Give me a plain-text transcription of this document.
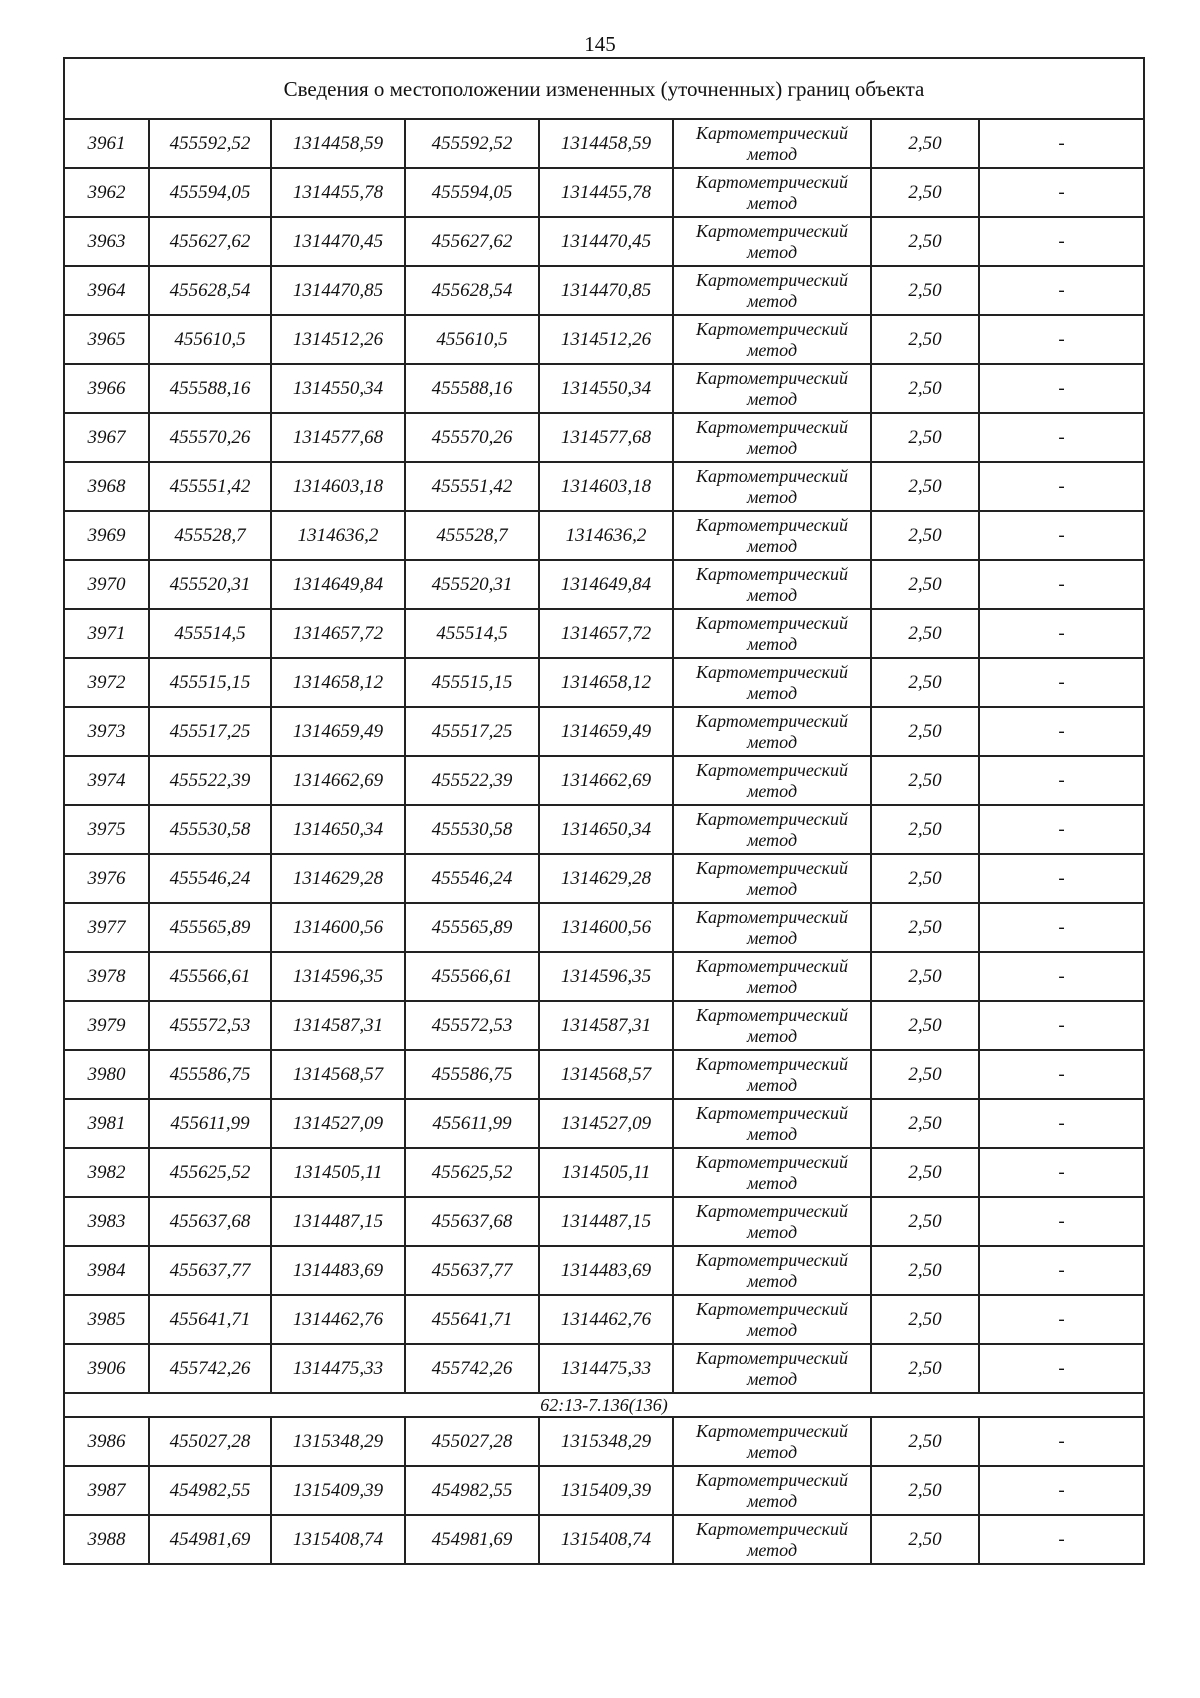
145
Сведения о местоположении измененных (уточненных) границ объекта							
3961	455592,52	1314458,59	455592,52	1314458,59	Картометрический метод	2,50	-
3962	455594,05	1314455,78	455594,05	1314455,78	Картометрический метод	2,50	-
3963	455627,62	1314470,45	455627,62	1314470,45	Картометрический метод	2,50	-
3964	455628,54	1314470,85	455628,54	1314470,85	Картометрический метод	2,50	-
3965	455610,5	1314512,26	455610,5	1314512,26	Картометрический метод	2,50	-
3966	455588,16	1314550,34	455588,16	1314550,34	Картометрический метод	2,50	-
3967	455570,26	1314577,68	455570,26	1314577,68	Картометрический метод	2,50	-
3968	455551,42	1314603,18	455551,42	1314603,18	Картометрический метод	2,50	-
3969	455528,7	1314636,2	455528,7	1314636,2	Картометрический метод	2,50	-
3970	455520,31	1314649,84	455520,31	1314649,84	Картометрический метод	2,50	-
3971	455514,5	1314657,72	455514,5	1314657,72	Картометрический метод	2,50	-
3972	455515,15	1314658,12	455515,15	1314658,12	Картометрический метод	2,50	-
3973	455517,25	1314659,49	455517,25	1314659,49	Картометрический метод	2,50	-
3974	455522,39	1314662,69	455522,39	1314662,69	Картометрический метод	2,50	-
3975	455530,58	1314650,34	455530,58	1314650,34	Картометрический метод	2,50	-
3976	455546,24	1314629,28	455546,24	1314629,28	Картометрический метод	2,50	-
3977	455565,89	1314600,56	455565,89	1314600,56	Картометрический метод	2,50	-
3978	455566,61	1314596,35	455566,61	1314596,35	Картометрический метод	2,50	-
3979	455572,53	1314587,31	455572,53	1314587,31	Картометрический метод	2,50	-
3980	455586,75	1314568,57	455586,75	1314568,57	Картометрический метод	2,50	-
3981	455611,99	1314527,09	455611,99	1314527,09	Картометрический метод	2,50	-
3982	455625,52	1314505,11	455625,52	1314505,11	Картометрический метод	2,50	-
3983	455637,68	1314487,15	455637,68	1314487,15	Картометрический метод	2,50	-
3984	455637,77	1314483,69	455637,77	1314483,69	Картометрический метод	2,50	-
3985	455641,71	1314462,76	455641,71	1314462,76	Картометрический метод	2,50	-
3906	455742,26	1314475,33	455742,26	1314475,33	Картометрический метод	2,50	-
62:13-7.136(136)							
3986	455027,28	1315348,29	455027,28	1315348,29	Картометрический метод	2,50	-
3987	454982,55	1315409,39	454982,55	1315409,39	Картометрический метод	2,50	-
3988	454981,69	1315408,74	454981,69	1315408,74	Картометрический метод	2,50	-
